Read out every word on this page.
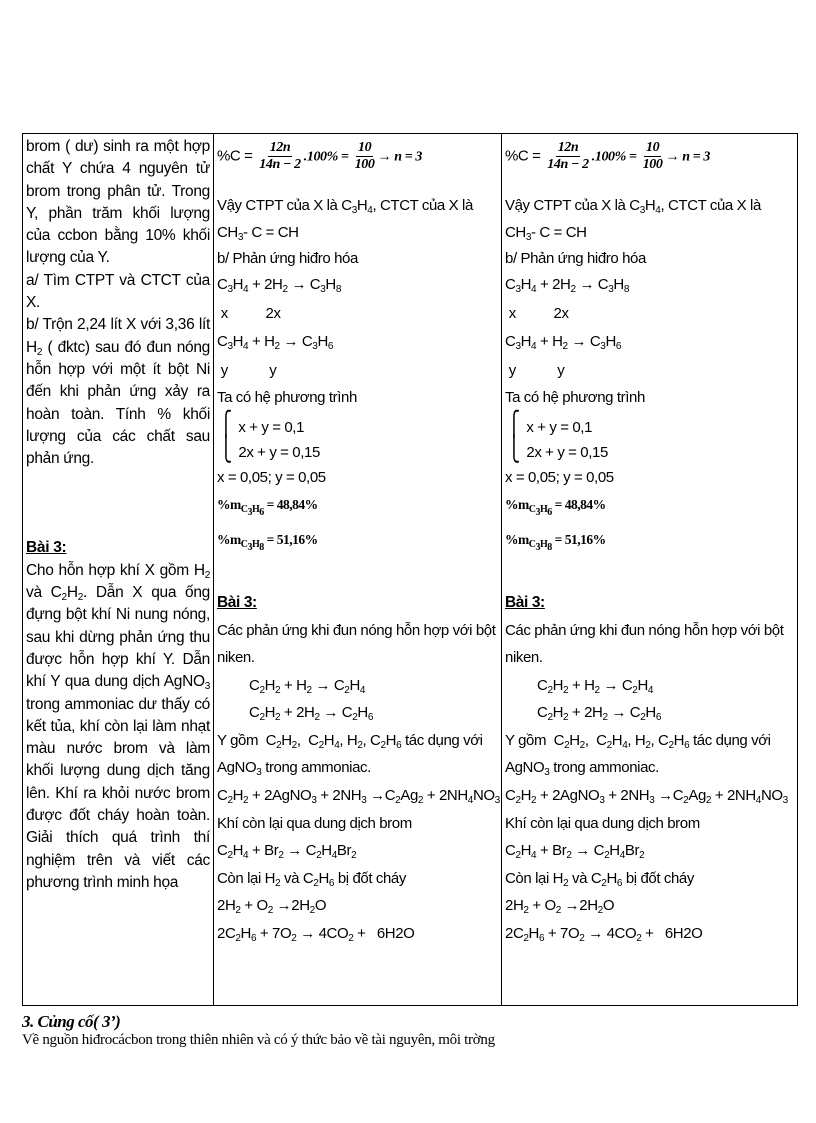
brom ( dư) sinh ra một hợp chất Y chứa 4 nguyên tử brom trong phân tử. Trong Y, phần trăm khối lượng của ccbon bằng 10% khối lượng của Y.

a/ Tìm CTPT và CTCT của X.

b/ Trộn 2,24 lít X với 3,36 lít $H_2$ ( đktc) sau đó đun nóng hỗn hợp với một ít bột Ni đến khi phản ứng xảy ra hoàn toàn. Tính % khối lượng của các chất sau phản ứng.

Bài 3:

Cho hỗn hợp khí X gồm $H_2$ và $C_2H_2$. Dẫn X qua ống đựng bột khí Ni nung nóng, sau khi dừng phản ứng thu được hỗn hợp khí Y. Dẫn khí Y qua dung dịch AgNO$_3$ trong ammoniac dư thấy có kết tủa, khí còn lại làm nhạt màu nước brom và làm khối lượng dung dịch tăng lên. Khí ra khỏi nước brom được đốt cháy hoàn toàn. Giải thích quá trình thí nghiệm trên và viết các phương trình minh họa

$\%C = \frac{12n}{14n - 2} .100\% = \frac{10}{100} \to n = 3$
Vậy CTPT của X là $C_3H_4$, CTCT của X là
$CH_3-$ C = CH
b/ Phản ứng hiđro hóa
$C_3H_4 + 2H_2 \to C_3H_8$
x          2x
$C_3H_4 + H_2 \to C_3H_6$
y           y
Ta có hệ phương trình
⎧ x + y = 0,1
⎩ 2x + y = 0,15
x = 0,05; y = 0,05
$\%m_{C_3H_6} = 48,84\%$
$\%m_{C_3H_8} = 51,16\%$
Bài 3:
Các phản ứng khi đun nóng hỗn hợp với bột
niken.
$C_2H_2 + H_2 \to C_2H_4$
$C_2H_2 + 2H_2 \to C_2H_6$
Y gồm  $C_2H_2$,  $C_2H_4$, $H_2$, $C_2H_6$ tác dụng với
AgNO$_3$ trong ammoniac.
$C_2H_2$ + 2AgNO$_3$ + $2NH_3 \to C_2Ag_2 + 2NH_4NO_3$
Khí còn lại qua dung dịch brom
$C_2H_4 + Br_2 \to C_2H_4Br_2$
Còn lại $H_2$ và $C_2H_6$ bị đốt cháy
$2H_2 + O_2 \to 2H_2O$
$2C_2H_6 + 7O_2 \to 4CO_2 + 6H2O$
$\%C = \frac{12n}{14n - 2} .100\% = \frac{10}{100} \to n = 3$
Vậy CTPT của X là $C_3H_4$, CTCT của X là
$CH_3-$ C = CH
b/ Phản ứng hiđro hóa
$C_3H_4 + 2H_2 \to C_3H_8$
x          2x
$C_3H_4 + H_2 \to C_3H_6$
y           y
Ta có hệ phương trình
⎧ x + y = 0,1
⎩ 2x + y = 0,15
x = 0,05; y = 0,05
$\%m_{C_3H_6} = 48,84\%$
$\%m_{C_3H_8} = 51,16\%$
Bài 3:
Các phản ứng khi đun nóng hỗn hợp với bột
niken.
$C_2H_2 + H_2 \to C_2H_4$
$C_2H_2 + 2H_2 \to C_2H_6$
Y gồm  $C_2H_2$,  $C_2H_4$, $H_2$, $C_2H_6$ tác dụng với
AgNO$_3$ trong ammoniac.
$C_2H_2$ + 2AgNO$_3$ + $2NH_3 \to C_2Ag_2 + 2NH_4NO_3$
Khí còn lại qua dung dịch brom
$C_2H_4 + Br_2 \to C_2H_4Br_2$
Còn lại $H_2$ và $C_2H_6$ bị đốt cháy
$2H_2 + O_2 \to 2H_2O$
$2C_2H_6 + 7O_2 \to 4CO_2 + 6H2O$
3. Củng cố( 3’)
Về nguồn hiđrocácbon trong thiên nhiên và có ý thức bảo về tài nguyên, môi trờng
